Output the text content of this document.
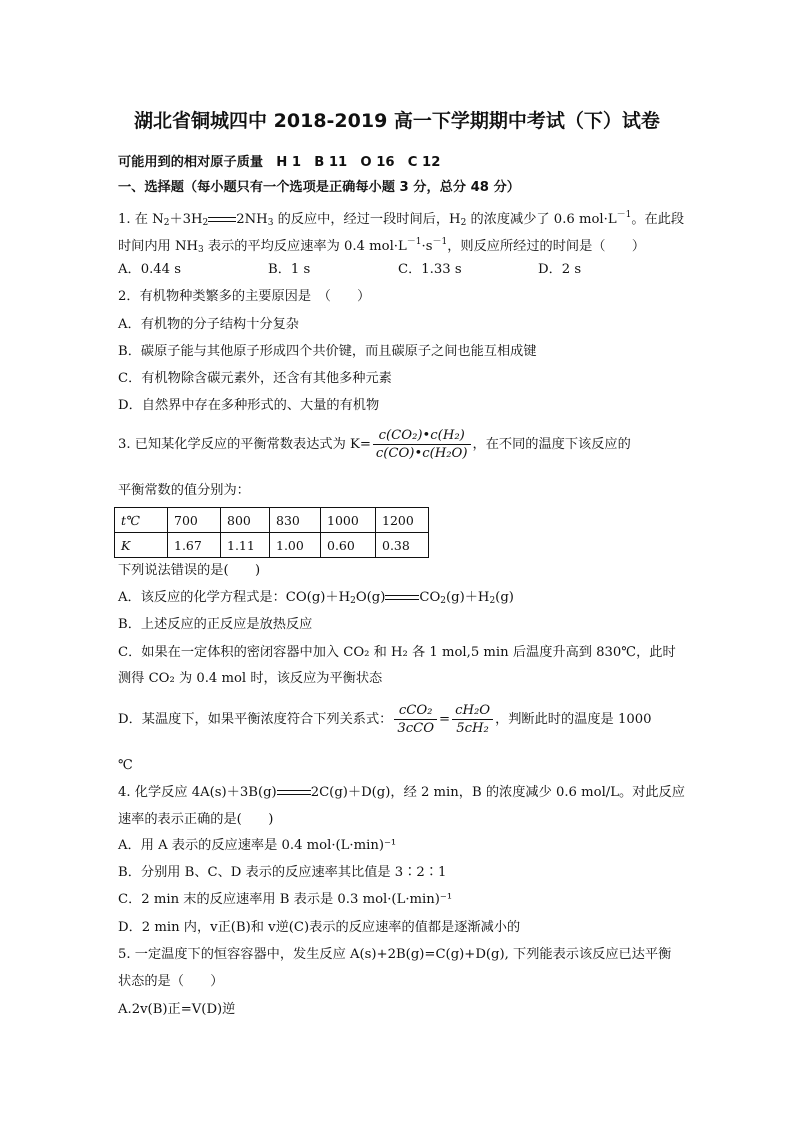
湖北省铜城四中 2018-2019 高一下学期期中考试（下）试卷
可能用到的相对原子质量　H 1　B 11　O 16　C 12
一、选择题（每小题只有一个选项是正确每小题 3 分，总分 48 分）
1. 在 $N_2+3H_2$ $2NH_3$ 的反应中，经过一段时间后，$H_2$ 的浓度减少了 0.6 $mol\cdot L^{-1}$。在此段
时间内用 $NH_3$ 表示的平均反应速率为 0.4 $mol\cdot L^{-1}\cdot s^{-1}$，则反应所经过的时间是（　　）
A．0.44 s	B．1 s	C．1.33 s	D．2 s
2．有机物种类繁多的主要原因是　（　　）
A．有机物的分子结构十分复杂
B．碳原子能与其他原子形成四个共价键，而且碳原子之间也能互相成键
C．有机物除含碳元素外，还含有其他多种元素
D．自然界中存在多种形式的、大量的有机物
3. 已知某化学反应的平衡常数表达式为 $K= \frac{\text{c(CO₂)•c(H₂)}}{\text{c(CO)•c(H₂O)}}$ ，在不同的温度下该反应的
平衡常数的值分别为：
t℃	700	800	830	1000	1200
K	1.67	1.11	1.00	0.60	0.38
下列说法错误的是(　　)
A．该反应的化学方程式是：$CO(g)+H_2O(g)$	$CO_2(g)+H_2(g)$
B．上述反应的正反应是放热反应
C．如果在一定体积的密闭容器中加入 CO₂ 和 H₂ 各 1 mol,5 min 后温度升高到 830℃，此时
测得 CO₂ 为 0.4 mol 时，该反应为平衡状态
D．某温度下，如果平衡浓度符合下列关系式： $\frac{\text{cCO₂}}{\text{3cCO}} = \frac{\text{cH₂O}}{\text{5cH₂}}$ ，判断此时的温度是 1000
℃
4. 化学反应 4A(s)＋3B(g)	2C(g)＋D(g)，经 2 min，B 的浓度减少 0.6 mol/L。对此反应
速率的表示正确的是(　　)
A．用 A 表示的反应速率是 0.4 mol·(L·min)⁻¹
B．分别用 B、C、D 表示的反应速率其比值是 3∶2∶1
C．2 min 末的反应速率用 B 表示是 0.3 mol·(L·min)⁻¹
D．2 min 内，v正(B)和 v逆(C)表示的反应速率的值都是逐渐减小的
5. 一定温度下的恒容容器中，发生反应 A(s)+2B(g)=C(g)+D(g), 下列能表示该反应已达平衡
状态的是（　　）
A.2v(B)正=V(D)逆
